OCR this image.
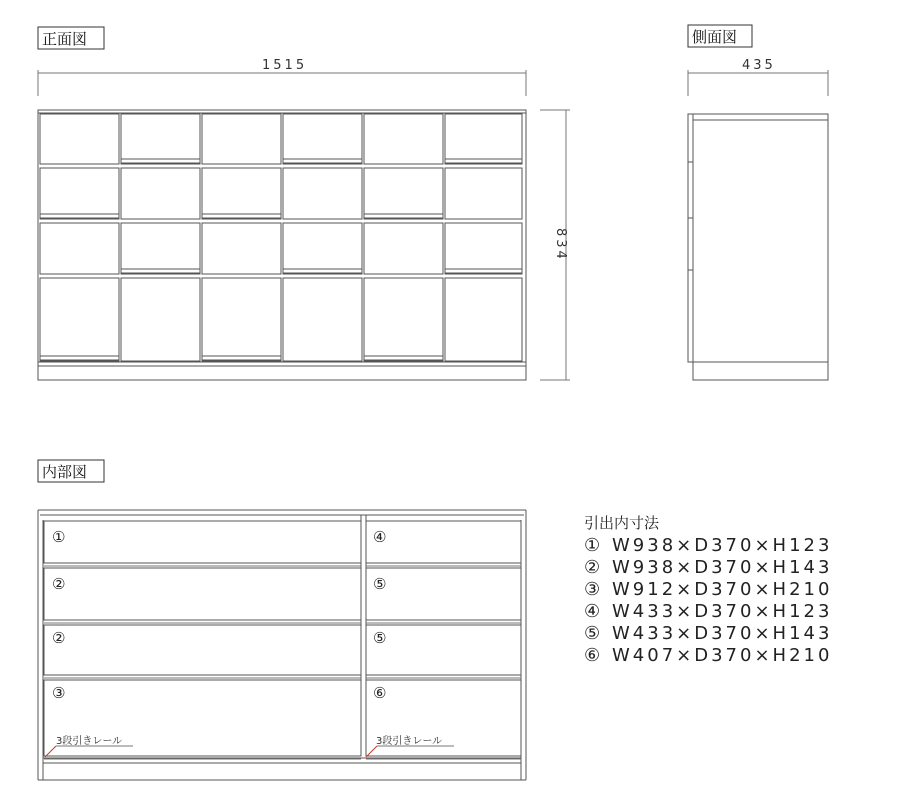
正面図
1515
834
側面図
435
内部図
①
②
②
③
④
⑤
⑤
⑥
3段引きレール	3段引きレール
引出内寸法
① W938×D370×H123
② W938×D370×H143
③ W912×D370×H210
④ W433×D370×H123
⑤ W433×D370×H143
⑥ W407×D370×H210
